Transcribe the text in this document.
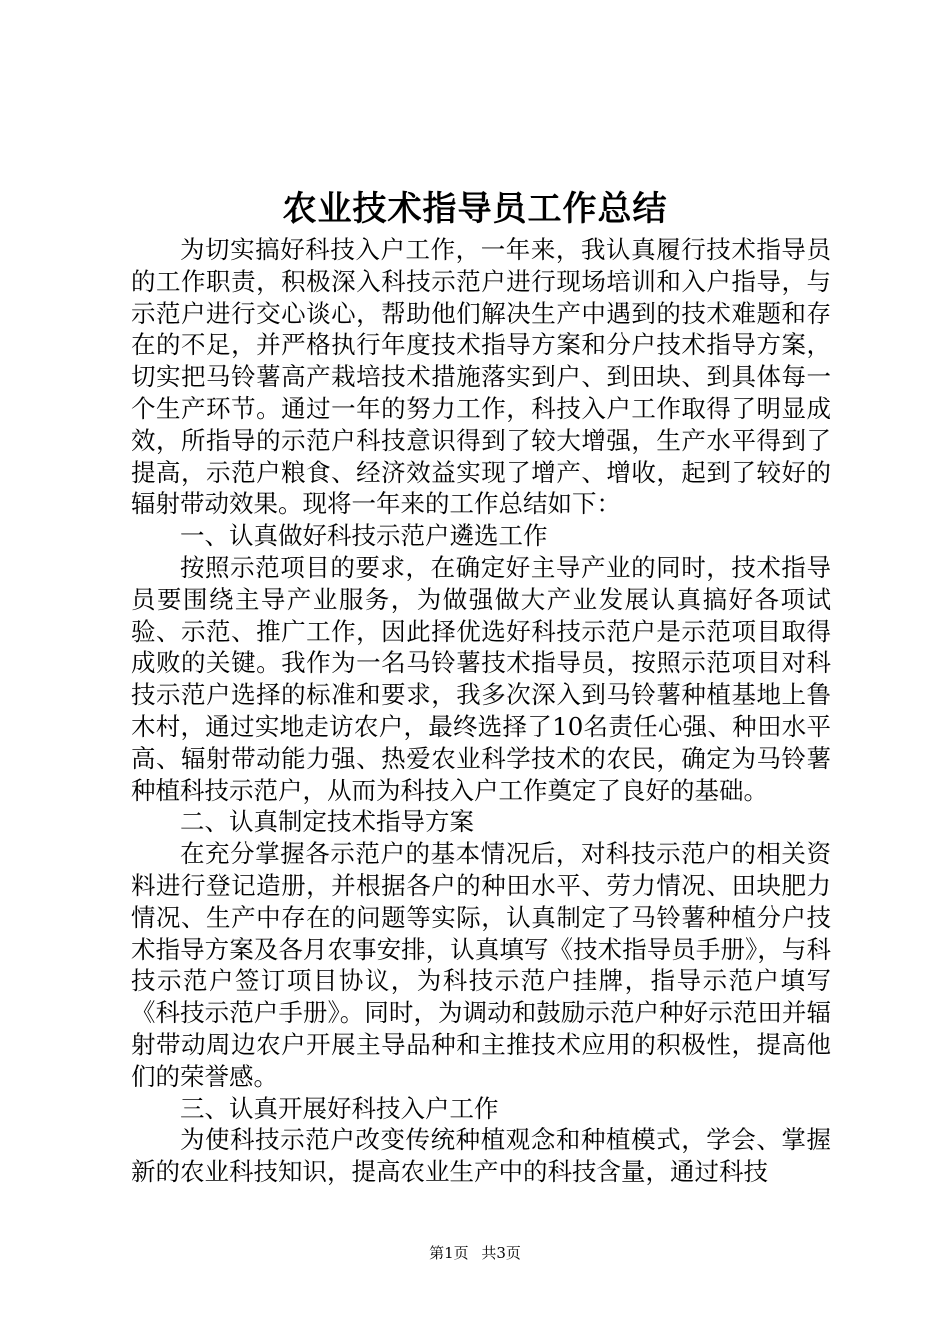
农业技术指导员工作总结

为切实搞好科技入户工作，一年来，我认真履行技术指导员的工作职责，积极深入科技示范户进行现场培训和入户指导，与示范户进行交心谈心，帮助他们解决生产中遇到的技术难题和存在的不足，并严格执行年度技术指导方案和分户技术指导方案，切实把马铃薯高产栽培技术措施落实到户、到田块、到具体每一个生产环节。通过一年的努力工作，科技入户工作取得了明显成效，所指导的示范户科技意识得到了较大增强，生产水平得到了提高，示范户粮食、经济效益实现了增产、增收，起到了较好的辐射带动效果。现将一年来的工作总结如下：

一、认真做好科技示范户遴选工作

按照示范项目的要求，在确定好主导产业的同时，技术指导员要围绕主导产业服务，为做强做大产业发展认真搞好各项试验、示范、推广工作，因此择优选好科技示范户是示范项目取得成败的关键。我作为一名马铃薯技术指导员，按照示范项目对科技示范户选择的标准和要求，我多次深入到马铃薯种植基地上鲁木村，通过实地走访农户，最终选择了10名责任心强、种田水平高、辐射带动能力强、热爱农业科学技术的农民，确定为马铃薯种植科技示范户，从而为科技入户工作奠定了良好的基础。

二、认真制定技术指导方案

在充分掌握各示范户的基本情况后，对科技示范户的相关资料进行登记造册，并根据各户的种田水平、劳力情况、田块肥力情况、生产中存在的问题等实际，认真制定了马铃薯种植分户技术指导方案及各月农事安排，认真填写《技术指导员手册》，与科技示范户签订项目协议，为科技示范户挂牌，指导示范户填写《科技示范户手册》。同时，为调动和鼓励示范户种好示范田并辐射带动周边农户开展主导品种和主推技术应用的积极性，提高他们的荣誉感。

三、认真开展好科技入户工作

为使科技示范户改变传统种植观念和种植模式，学会、掌握新的农业科技知识，提高农业生产中的科技含量，通过科技

第1页 共3页
